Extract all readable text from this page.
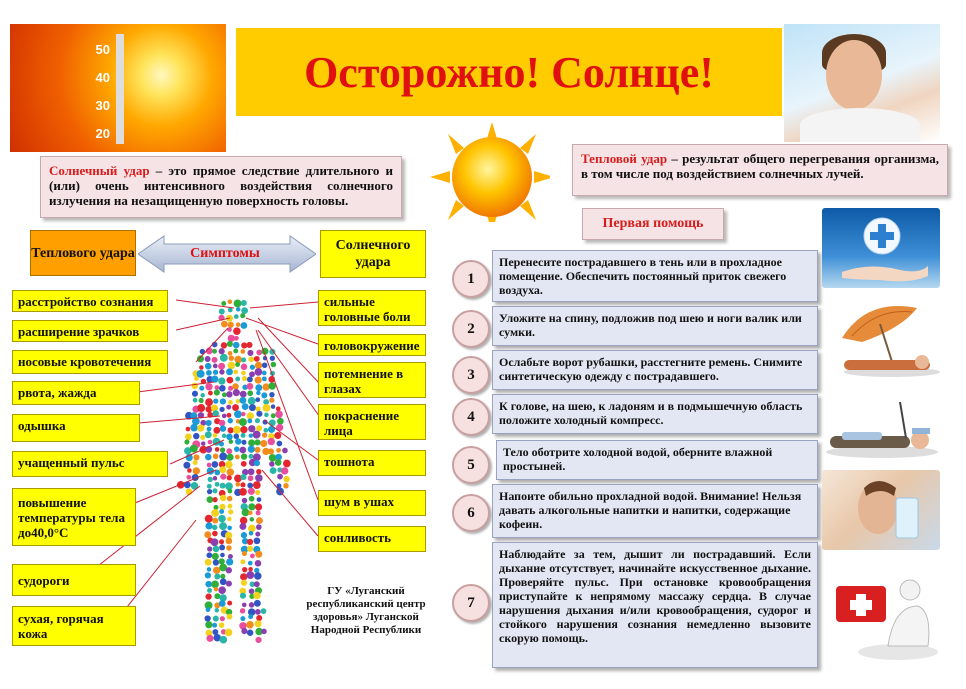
50
40
30
20
Осторожно! Солнце!
Солнечный удар – это прямое следствие длительного и (или) очень интенсивного воздействия солнечного излучения на незащищенную поверхность головы.
Тепловой удар – результат общего перегревания организма, в том числе под воздействием солнечных лучей.
Теплового удара	Симптомы
Солнечного удара
расстройство сознания
расширение зрачков
носовые кровотечения
рвота, жажда
одышка
учащенный пульс
повышение температуры тела до40,0°С
судороги
сухая, горячая кожа
сильные головные боли
головокружение
потемнение в глазах
покраснение лица
тошнота
шум в ушах
сонливость
ГУ «Луганский республиканский центр здоровья» Луганской Народной Республики
Первая помощь
1
Перенесите пострадавшего в тень или в прохладное помещение. Обеспечить постоянный приток свежего воздуха.
2
Уложите на спину, подложив под шею и ноги валик или сумки.
3
Ослабьте ворот рубашки, расстегните ремень. Снимите синтетическую одежду с пострадавшего.
4
К голове, на шею, к ладоням и в подмышечную область положите холодный компресс.
5
Тело оботрите холодной водой, оберните влажной простыней.
6
Напоите обильно прохладной водой. Внимание! Нельзя давать алкогольные напитки и напитки, содержащие кофеин.
7
Наблюдайте за тем, дышит ли пострадавший. Если дыхание отсутствует, начинайте искусственное дыхание. Проверяйте пульс. При остановке кровообращения приступайте к непрямому массажу сердца. В случае нарушения дыхания и/или кровообращения, судорог и стойкого нарушения сознания немедленно вызовите скорую помощь.
